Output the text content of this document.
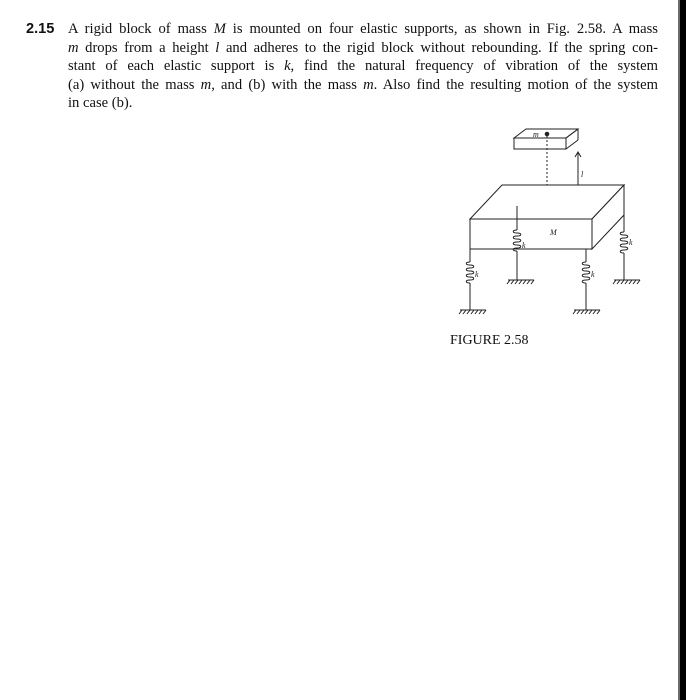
2.15 A rigid block of mass M is mounted on four elastic supports, as shown in Fig. 2.58. A mass
m drops from a height l and adheres to the rigid block without rebounding. If the spring con-
stant of each elastic support is k, find the natural frequency of vibration of the system
(a) without the mass m, and (b) with the mass m. Also find the resulting motion of the system
in case (b).
m
M
l
k	k
k	k
FIGURE 2.58
